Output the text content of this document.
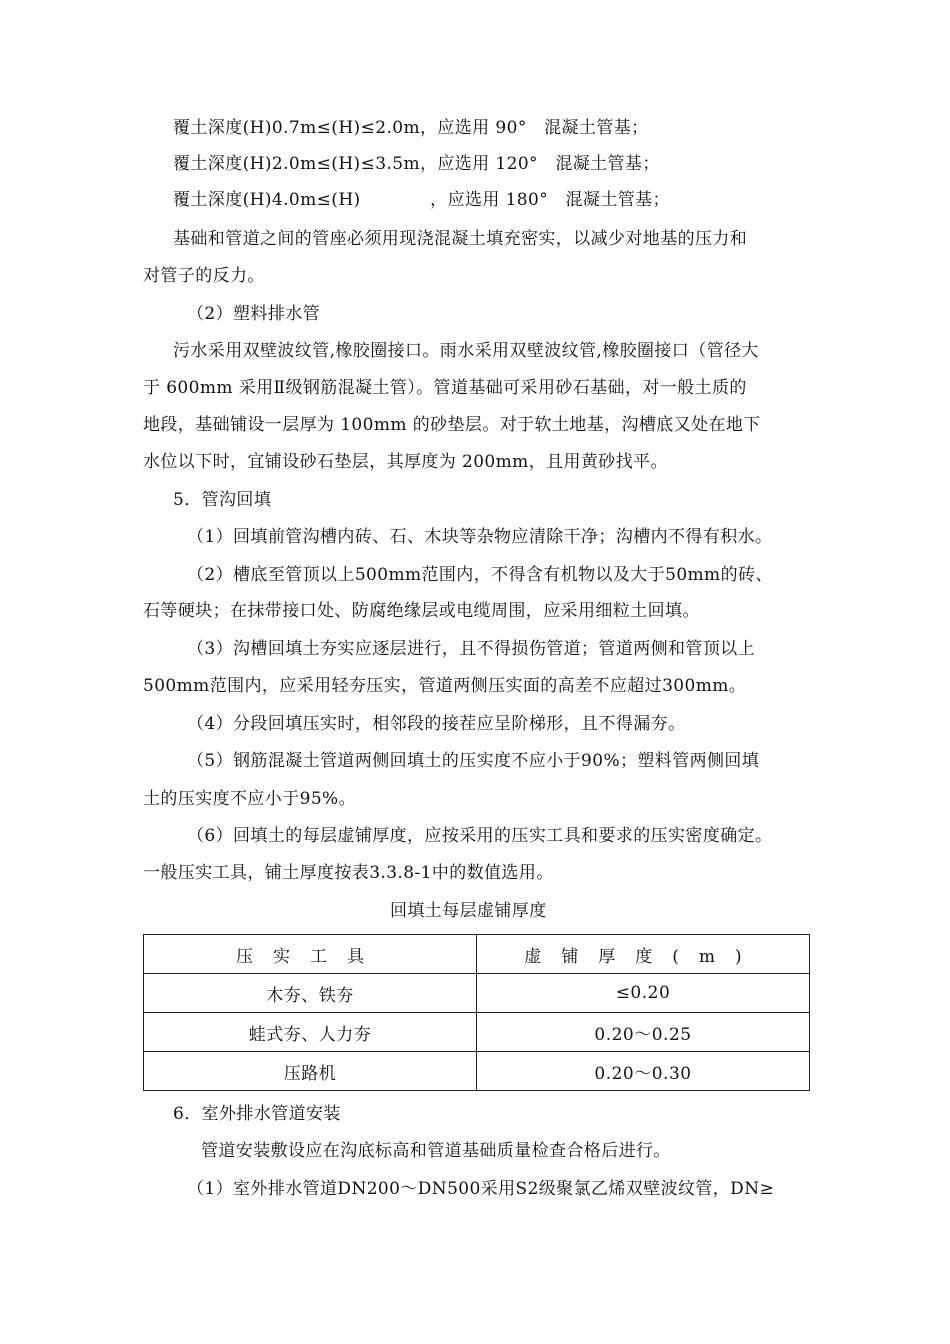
覆土深度(H)0.7m≤(H)≤2.0m，应选用 90°　混凝土管基；
覆土深度(H)2.0m≤(H)≤3.5m，应选用 120°　混凝土管基；
覆土深度(H)4.0m≤(H)　　　　，应选用 180°　混凝土管基；
基础和管道之间的管座必须用现浇混凝土填充密实，以减少对地基的压力和
对管子的反力。
（2）塑料排水管
污水采用双壁波纹管,橡胶圈接口。雨水采用双壁波纹管,橡胶圈接口（管径大
于 600mm 采用Ⅱ级钢筋混凝土管）。管道基础可采用砂石基础，对一般土质的
地段，基础铺设一层厚为 100mm 的砂垫层。对于软土地基，沟槽底又处在地下
水位以下时，宜铺设砂石垫层，其厚度为 200mm，且用黄砂找平。
5．管沟回填
（1）回填前管沟槽内砖、石、木块等杂物应清除干净；沟槽内不得有积水。
（2）槽底至管顶以上500mm范围内，不得含有机物以及大于50mm的砖、
石等硬块；在抹带接口处、防腐绝缘层或电缆周围，应采用细粒土回填。
（3）沟槽回填土夯实应逐层进行，且不得损伤管道；管道两侧和管顶以上
500mm范围内，应采用轻夯压实，管道两侧压实面的高差不应超过300mm。
（4）分段回填压实时，相邻段的接茬应呈阶梯形，且不得漏夯。
（5）钢筋混凝土管道两侧回填土的压实度不应小于90%；塑料管两侧回填
土的压实度不应小于95%。
（6）回填土的每层虚铺厚度，应按采用的压实工具和要求的压实密度确定。
一般压实工具，铺土厚度按表3.3.8-1中的数值选用。
回填土每层虚铺厚度
压实工具	虚铺厚度(m)
木夯、铁夯	≤0.20
蛙式夯、人力夯	0.20～0.25
压路机	0.20～0.30
6．室外排水管道安装
管道安装敷设应在沟底标高和管道基础质量检查合格后进行。
（1）室外排水管道DN200～DN500采用S2级聚氯乙烯双壁波纹管，DN≥
